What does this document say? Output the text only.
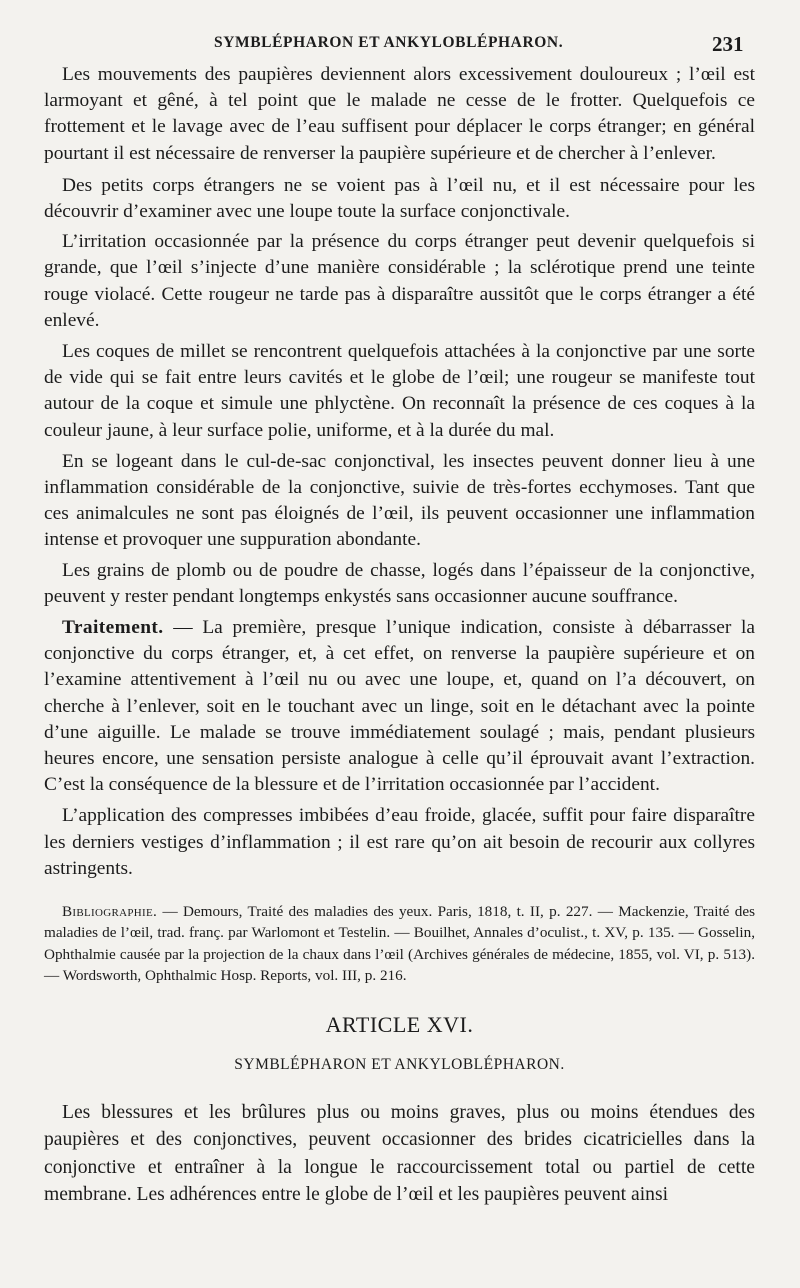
SYMBLÉPHARON ET ANKYLOBLÉPHARON.	231

Les mouvements des paupières deviennent alors excessivement douloureux ; l’œil est larmoyant et gêné, à tel point que le malade ne cesse de le frotter. Quelquefois ce frottement et le lavage avec de l’eau suffisent pour déplacer le corps étranger; en général pourtant il est nécessaire de renverser la paupière supérieure et de chercher à l’enlever.

Des petits corps étrangers ne se voient pas à l’œil nu, et il est nécessaire pour les découvrir d’examiner avec une loupe toute la surface conjonctivale.

L’irritation occasionnée par la présence du corps étranger peut devenir quelquefois si grande, que l’œil s’injecte d’une manière considérable ; la sclérotique prend une teinte rouge violacé. Cette rougeur ne tarde pas à disparaître aussitôt que le corps étranger a été enlevé.

Les coques de millet se rencontrent quelquefois attachées à la conjonctive par une sorte de vide qui se fait entre leurs cavités et le globe de l’œil; une rougeur se manifeste tout autour de la coque et simule une phlyctène. On reconnaît la présence de ces coques à la couleur jaune, à leur surface polie, uniforme, et à la durée du mal.

En se logeant dans le cul-de-sac conjonctival, les insectes peuvent donner lieu à une inflammation considérable de la conjonctive, suivie de très-fortes ecchymoses. Tant que ces animalcules ne sont pas éloignés de l’œil, ils peuvent occasionner une inflammation intense et provoquer une suppuration abondante.

Les grains de plomb ou de poudre de chasse, logés dans l’épaisseur de la conjonctive, peuvent y rester pendant longtemps enkystés sans occasionner aucune souffrance.

Traitement. — La première, presque l’unique indication, consiste à débarrasser la conjonctive du corps étranger, et, à cet effet, on renverse la paupière supérieure et on l’examine attentivement à l’œil nu ou avec une loupe, et, quand on l’a découvert, on cherche à l’enlever, soit en le touchant avec un linge, soit en le détachant avec la pointe d’une aiguille. Le malade se trouve immédiatement soulagé ; mais, pendant plusieurs heures encore, une sensation persiste analogue à celle qu’il éprouvait avant l’extraction. C’est la conséquence de la blessure et de l’irritation occasionnée par l’accident.

L’application des compresses imbibées d’eau froide, glacée, suffit pour faire disparaître les derniers vestiges d’inflammation ; il est rare qu’on ait besoin de recourir aux collyres astringents.

Bibliographie. — Demours, Traité des maladies des yeux. Paris, 1818, t. II, p. 227. — Mackenzie, Traité des maladies de l’œil, trad. franç. par Warlomont et Testelin. — Bouilhet, Annales d’oculist., t. XV, p. 135. — Gosselin, Ophthalmie causée par la projection de la chaux dans l’œil (Archives générales de médecine, 1855, vol. VI, p. 513). — Wordsworth, Ophthalmic Hosp. Reports, vol. III, p. 216.

ARTICLE XVI.
SYMBLÉPHARON ET ANKYLOBLÉPHARON.

Les blessures et les brûlures plus ou moins graves, plus ou moins étendues des paupières et des conjonctives, peuvent occasionner des brides cicatricielles dans la conjonctive et entraîner à la longue le raccourcissement total ou partiel de cette membrane. Les adhérences entre le globe de l’œil et les paupières peuvent ainsi
